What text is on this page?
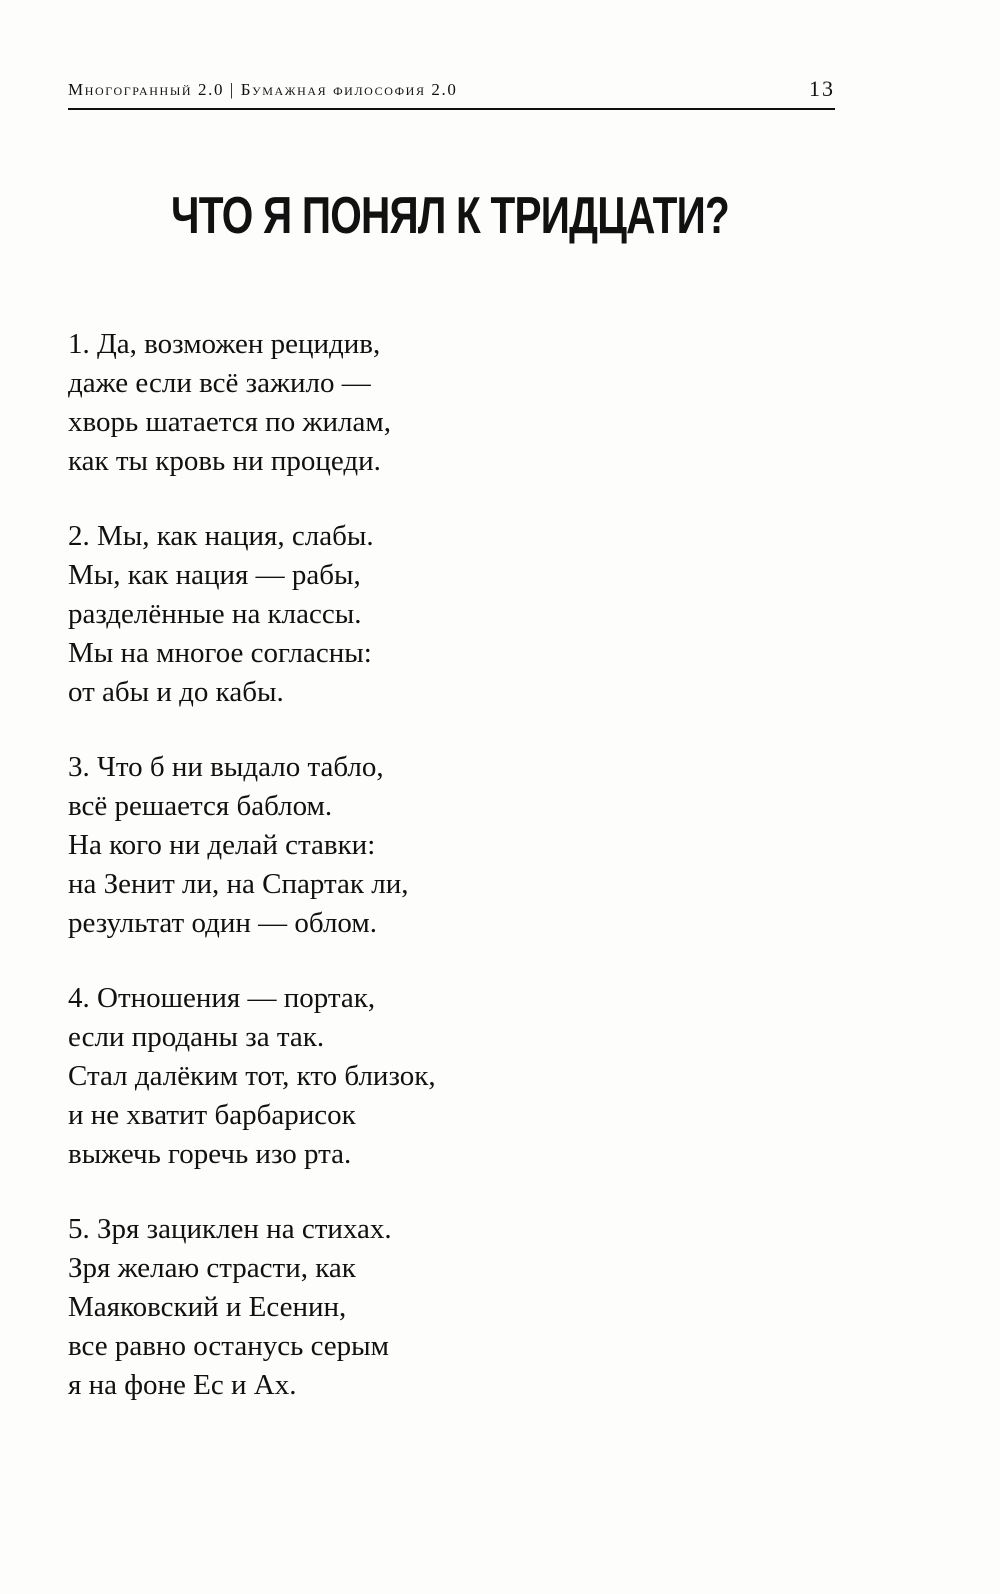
Многогранный 2.0 | Бумажная философия 2.0	13
ЧТО Я ПОНЯЛ К ТРИДЦАТИ?
1. Да, возможен рецидив,
даже если всё зажило —
хворь шатается по жилам,
как ты кровь ни процеди.
2. Мы, как нация, слабы.
Мы, как нация — рабы,
разделённые на классы.
Мы на многое согласны:
от абы и до кабы.
3. Что б ни выдало табло,
всё решается баблом.
На кого ни делай ставки:
на Зенит ли, на Спартак ли,
результат один — облом.
4. Отношения — портак,
если проданы за так.
Стал далёким тот, кто близок,
и не хватит барбарисок
выжечь горечь изо рта.
5. Зря зациклен на стихах.
Зря желаю страсти, как
Маяковский и Есенин,
все равно останусь серым
я на фоне Ес и Ах.
